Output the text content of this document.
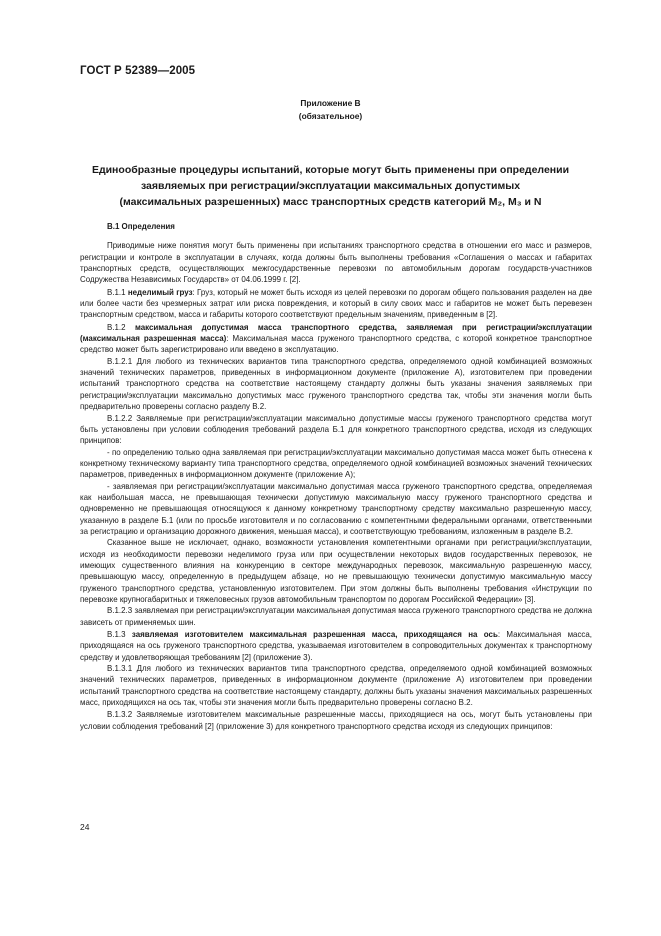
ГОСТ Р 52389—2005
Приложение В
(обязательное)
Единообразные процедуры испытаний, которые могут быть применены при определении
заявляемых при регистрации/эксплуатации максимальных допустимых
(максимальных разрешенных) масс транспортных средств категорий M₂, M₃ и N

В.1 Определения

Приводимые ниже понятия могут быть применены при испытаниях транспортного средства в отношении его масс и размеров, регистрации и контроле в эксплуатации в случаях, когда должны быть выполнены требования «Соглашения о массах и габаритах транспортных средств, осуществляющих межгосударственные перевозки по автомобильным дорогам государств-участников Содружества Независимых Государств» от 04.06.1999 г. [2].

В.1.1 неделимый груз: Груз, который не может быть исходя из целей перевозки по дорогам общего пользования разделен на две или более части без чрезмерных затрат или риска повреждения, и который в силу своих масс и габаритов не может быть перевезен транспортным средством, масса и габариты которого соответствуют предельным значениям, приведенным в [2].

В.1.2 максимальная допустимая масса транспортного средства, заявляемая при регистрации/эксплуатации (максимальная разрешенная масса): Максимальная масса груженого транспортного средства, с которой конкретное транспортное средство может быть зарегистрировано или введено в эксплуатацию.

В.1.2.1 Для любого из технических вариантов типа транспортного средства, определяемого одной комбинацией возможных значений технических параметров, приведенных в информационном документе (приложение А), изготовителем при проведении испытаний транспортного средства на соответствие настоящему стандарту должны быть указаны значения заявляемых при регистрации/эксплуатации максимально допустимых масс груженого транспортного средства так, чтобы эти значения могли быть предварительно проверены согласно разделу В.2.

В.1.2.2 Заявляемые при регистрации/эксплуатации максимально допустимые массы груженого транспортного средства могут быть установлены при условии соблюдения требований раздела Б.1 для конкретного транспортного средства, исходя из следующих принципов:

- по определению только одна заявляемая при регистрации/эксплуатации максимально допустимая масса может быть отнесена к конкретному техническому варианту типа транспортного средства, определяемого одной комбинацией возможных значений технических параметров, приведенных в информационном документе (приложение А);

- заявляемая при регистрации/эксплуатации максимально допустимая масса груженого транспортного средства, определяемая как наибольшая масса, не превышающая технически допустимую максимальную массу груженого транспортного средства и одновременно не превышающая относящуюся к данному конкретному транспортному средству максимально разрешенную массу, указанную в разделе Б.1 (или по просьбе изготовителя и по согласованию с компетентными федеральными органами, ответственными за регистрацию и организацию дорожного движения, меньшая масса), и соответствующую требованиям, изложенным в разделе В.2.

Сказанное выше не исключает, однако, возможности установления компетентными органами при регистрации/эксплуатации, исходя из необходимости перевозки неделимого груза или при осуществлении некоторых видов государственных перевозок, не имеющих существенного влияния на конкуренцию в секторе международных перевозок, максимальную разрешенную массу, превышающую массу, определенную в предыдущем абзаце, но не превышающую технически допустимую максимальную массу груженого транспортного средства, установленную изготовителем. При этом должны быть выполнены требования «Инструкции по перевозке крупногабаритных и тяжеловесных грузов автомобильным транспортом по дорогам Российской Федерации» [3].

В.1.2.3 заявляемая при регистрации/эксплуатации максимальная допустимая масса груженого транспортного средства не должна зависеть от применяемых шин.

В.1.3 заявляемая изготовителем максимальная разрешенная масса, приходящаяся на ось: Максимальная масса, приходящаяся на ось груженого транспортного средства, указываемая изготовителем в сопроводительных документах к транспортному средству и удовлетворяющая требованиям [2] (приложение 3).

В.1.3.1 Для любого из технических вариантов типа транспортного средства, определяемого одной комбинацией возможных значений технических параметров, приведенных в информационном документе (приложение А) изготовителем при проведении испытаний транспортного средства на соответствие настоящему стандарту, должны быть указаны значения максимальных разрешенных масс, приходящихся на ось так, чтобы эти значения могли быть предварительно проверены согласно В.2.

В.1.3.2 Заявляемые изготовителем максимальные разрешенные массы, приходящиеся на ось, могут быть установлены при условии соблюдения требований [2] (приложение 3) для конкретного транспортного средства исходя из следующих принципов:

24
